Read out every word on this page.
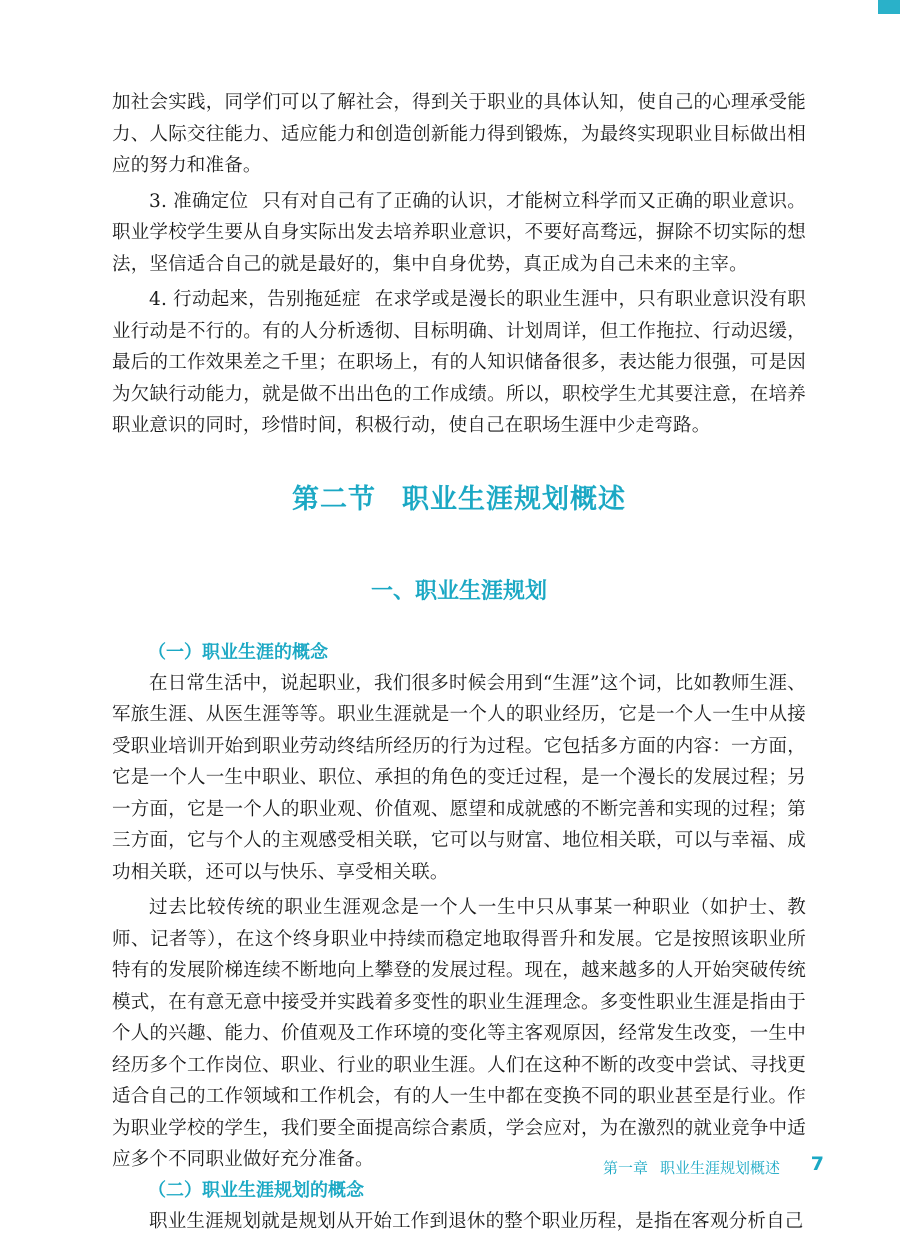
加社会实践，同学们可以了解社会，得到关于职业的具体认知，使自己的心理承受能力、人际交往能力、适应能力和创造创新能力得到锻炼，为最终实现职业目标做出相应的努力和准备。

3. 准确定位 只有对自己有了正确的认识，才能树立科学而又正确的职业意识。职业学校学生要从自身实际出发去培养职业意识，不要好高骛远，摒除不切实际的想法，坚信适合自己的就是最好的，集中自身优势，真正成为自己未来的主宰。

4. 行动起来，告别拖延症 在求学或是漫长的职业生涯中，只有职业意识没有职业行动是不行的。有的人分析透彻、目标明确、计划周详，但工作拖拉、行动迟缓，最后的工作效果差之千里；在职场上，有的人知识储备很多，表达能力很强，可是因为欠缺行动能力，就是做不出出色的工作成绩。所以，职校学生尤其要注意，在培养职业意识的同时，珍惜时间，积极行动，使自己在职场生涯中少走弯路。

第二节 职业生涯规划概述
一、职业生涯规划
（一）职业生涯的概念

在日常生活中，说起职业，我们很多时候会用到“生涯”这个词，比如教师生涯、军旅生涯、从医生涯等等。职业生涯就是一个人的职业经历，它是一个人一生中从接受职业培训开始到职业劳动终结所经历的行为过程。它包括多方面的内容：一方面，它是一个人一生中职业、职位、承担的角色的变迁过程，是一个漫长的发展过程；另一方面，它是一个人的职业观、价值观、愿望和成就感的不断完善和实现的过程；第三方面，它与个人的主观感受相关联，它可以与财富、地位相关联，可以与幸福、成功相关联，还可以与快乐、享受相关联。

过去比较传统的职业生涯观念是一个人一生中只从事某一种职业（如护士、教师、记者等），在这个终身职业中持续而稳定地取得晋升和发展。它是按照该职业所特有的发展阶梯连续不断地向上攀登的发展过程。现在，越来越多的人开始突破传统模式，在有意无意中接受并实践着多变性的职业生涯理念。多变性职业生涯是指由于个人的兴趣、能力、价值观及工作环境的变化等主客观原因，经常发生改变，一生中经历多个工作岗位、职业、行业的职业生涯。人们在这种不断的改变中尝试、寻找更适合自己的工作领域和工作机会，有的人一生中都在变换不同的职业甚至是行业。作为职业学校的学生，我们要全面提高综合素质，学会应对，为在激烈的就业竞争中适应多个不同职业做好充分准备。

（二）职业生涯规划的概念

职业生涯规划就是规划从开始工作到退休的整个职业历程，是指在客观分析自己

第一章 职业生涯规划概述 7
